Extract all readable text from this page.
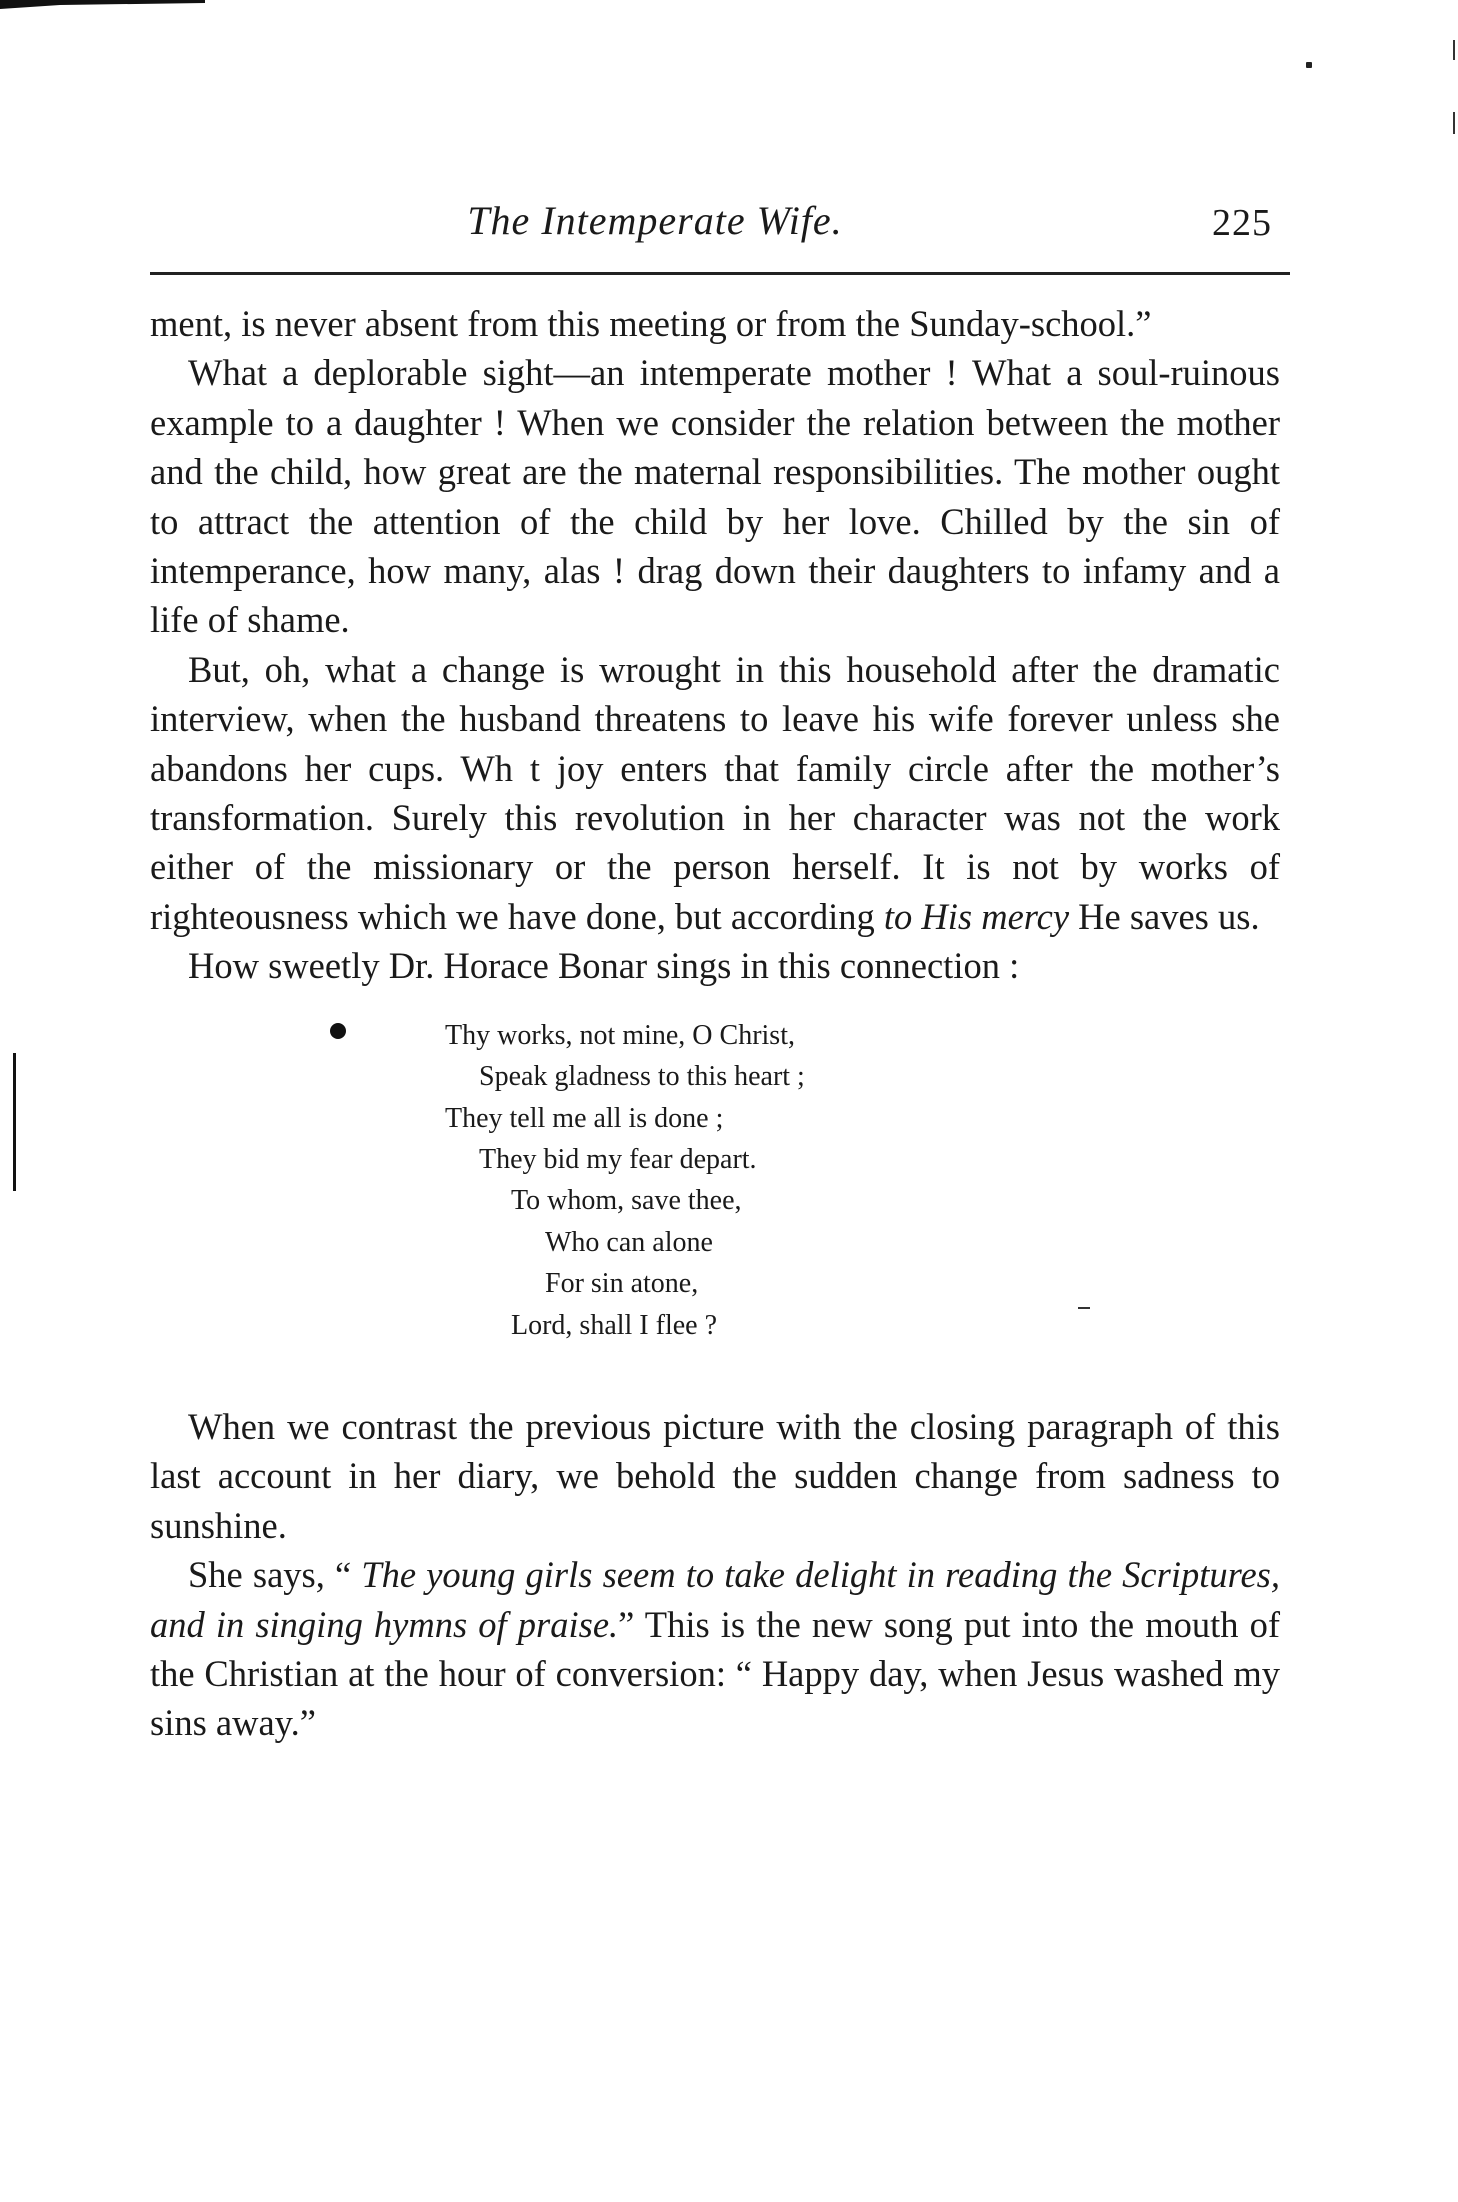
The Intemperate Wife.	225

ment, is never absent from this meeting or from the Sunday-school.”

What a deplorable sight—an intemperate mother ! What a soul-ruinous example to a daughter ! When we consider the relation between the mother and the child, how great are the maternal responsibilities. The mother ought to attract the attention of the child by her love. Chilled by the sin of intemperance, how many, alas ! drag down their daughters to infamy and a life of shame.

But, oh, what a change is wrought in this household after the dramatic interview, when the husband threatens to leave his wife forever unless she abandons her cups. Wh t joy enters that family circle after the mother’s transformation. Surely this revolution in her character was not the work either of the missionary or the person herself. It is not by works of righteousness which we have done, but according to His mercy He saves us.

How sweetly Dr. Horace Bonar sings in this connection :

Thy works, not mine, O Christ,
Speak gladness to this heart ;
They tell me all is done ;
They bid my fear depart.
To whom, save thee,
Who can alone
For sin atone,
Lord, shall I flee ?

When we contrast the previous picture with the closing paragraph of this last account in her diary, we behold the sudden change from sadness to sunshine.

She says, “ The young girls seem to take delight in reading the Scriptures, and in singing hymns of praise.” This is the new song put into the mouth of the Christian at the hour of conversion: “ Happy day, when Jesus washed my sins away.”
